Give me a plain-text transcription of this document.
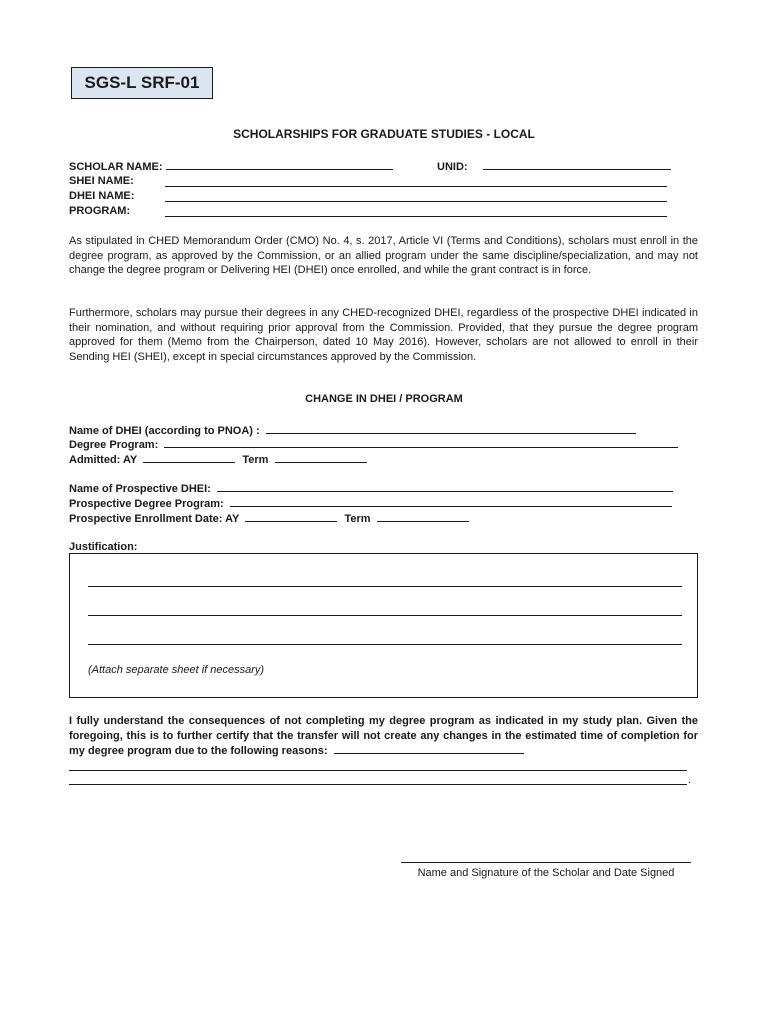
SGS-L SRF-01
SCHOLARSHIPS FOR GRADUATE STUDIES - LOCAL
SCHOLAR NAME:	UNID:
SHEI NAME:
DHEI NAME:
PROGRAM:

As stipulated in CHED Memorandum Order (CMO) No. 4, s. 2017, Article VI (Terms and Conditions), scholars must enroll in the degree program, as approved by the Commission, or an allied program under the same discipline/specialization, and may not change the degree program or Delivering HEI (DHEI) once enrolled, and while the grant contract is in force.

Furthermore, scholars may pursue their degrees in any CHED-recognized DHEI, regardless of the prospective DHEI indicated in their nomination, and without requiring prior approval from the Commission. Provided, that they pursue the degree program approved for them (Memo from the Chairperson, dated 10 May 2016). However, scholars are not allowed to enroll in their Sending HEI (SHEI), except in special circumstances approved by the Commission.

CHANGE IN DHEI / PROGRAM
Name of DHEI (according to PNOA) :
Degree Program:
Admitted: AY	Term
Name of Prospective DHEI:
Prospective Degree Program:
Prospective Enrollment Date: AY	Term
Justification:
(Attach separate sheet if necessary)

I fully understand the consequences of not completing my degree program as indicated in my study plan. Given the foregoing, this is to further certify that the transfer will not create any changes in the estimated time of completion for my degree program due to the following reasons:

.
Name and Signature of the Scholar and Date Signed
